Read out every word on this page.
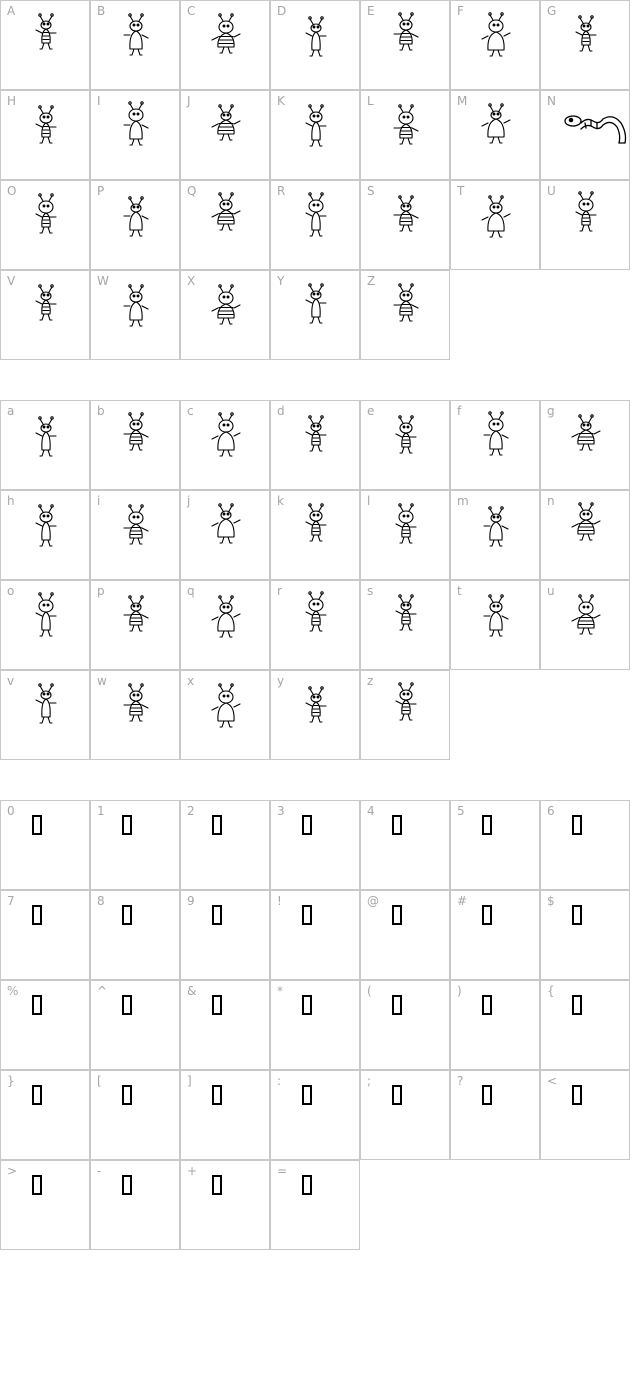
A	B	C	D	E	F	G
H	I	J	K	L	M	N
O	P	Q	R	S	T	U
V	W	X	Y	Z
a	b	c	d	e	f	g
h	i	j	k	l	m	n
o	p	q	r	s	t	u
v	w	x	y	z
0	1	2	3	4	5	6
7	8	9	!	@	#	$
%	^	&	*	(	)	{
}	[	]	:	;	?	<
>	-	+	=
